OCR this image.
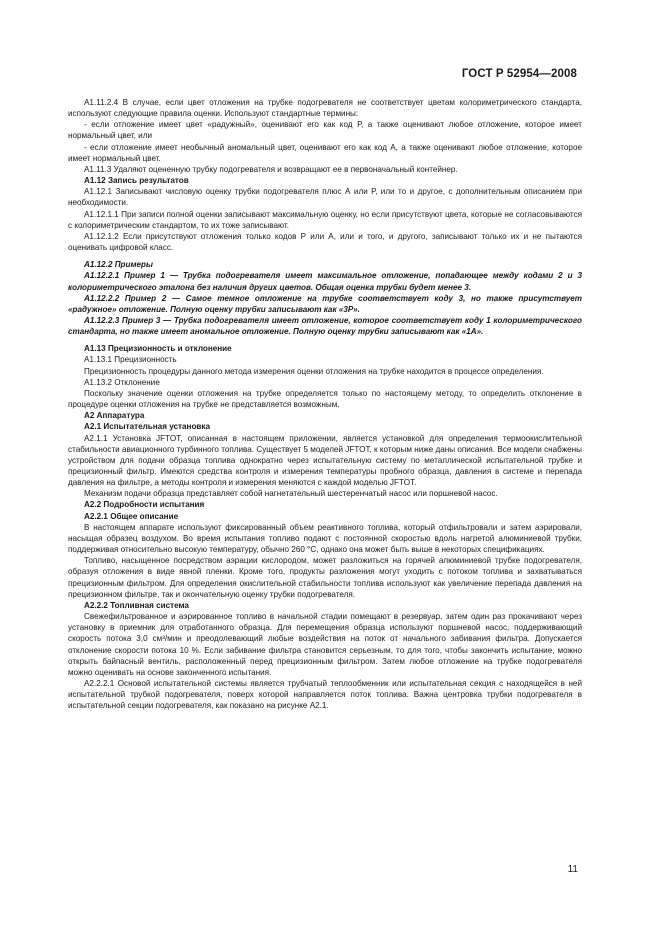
ГОСТ Р 52954—2008

A1.11.2.4 В случае, если цвет отложения на трубке подогревателя не соответствует цветам колориметрического стандарта, используют следующие правила оценки. Используют стандартные термины:

- если отложение имеет цвет «радужный», оценивают его как код Р, а также оценивают любое отложение, которое имеет нормальный цвет, или

- если отложение имеет необычный аномальный цвет, оценивают его как код А, а также оценивают любое отложение, которое имеет нормальный цвет.

A1.11.3 Удаляют оцененную трубку подогревателя и возвращают ее в первоначальный контейнер.

A1.12 Запись результатов

A1.12.1 Записывают числовую оценку трубки подогревателя плюс А или Р, или то и другое, с дополнительным описанием при необходимости.

A1.12.1.1 При записи полной оценки записывают максимальную оценку, но если присутствуют цвета, которые не согласовываются с колориметрическим стандартом, то их тоже записывают.

A1.12.1.2 Если присутствуют отложения только кодов Р или А, или и того, и другого, записывают только их и не пытаются оценивать цифровой класс.

A1.12.2 Примеры

A1.12.2.1 Пример 1 — Трубка подогревателя имеет максимальное отложение, попадающее между кодами 2 и 3 колориметрического эталона без наличия других цветов. Общая оценка трубки будет менее 3.

A1.12.2.2 Пример 2 — Самое темное отложение на трубке соответствует коду 3, но также присутствует «радужное» отложение. Полную оценку трубки записывают как «3Р».

A1.12.2.3 Пример 3 — Трубка подогревателя имеет отложение, которое соответствует коду 1 колориметрического стандарта, но также имеет аномальное отложение. Полную оценку трубки записывают как «1А».

A1.13 Прецизионность и отклонение

A1.13.1 Прецизионность

Прецизионность процедуры данного метода измерения оценки отложения на трубке находится в процессе определения.

A1.13.2 Отклонение

Поскольку значение оценки отложения на трубке определяется только по настоящему методу, то определить отклонение в процедуре оценки отложения на трубке не представляется возможным.

A2 Аппаратура

A2.1 Испытательная установка

A2.1.1 Установка JFTOT, описанная в настоящем приложении, является установкой для определения термоокислительной стабильности авиационного турбинного топлива. Существует 5 моделей JFTOT, к которым ниже даны описания. Все модели снабжены устройством для подачи образца топлива однократно через испытательную систему по металлической испытательной трубке и прецизионный фильтр. Имеются средства контроля и измерения температуры пробного образца, давления в системе и перепада давления на фильтре, а методы контроля и измерения меняются с каждой моделью JFTOT.

Механизм подачи образца представляет собой нагнетательный шестеренчатый насос или поршневой насос.

A2.2 Подробности испытания

A2.2.1 Общее описание

В настоящем аппарате используют фиксированный объем реактивного топлива, который отфильтровали и затем аэрировали, насыщая образец воздухом. Во время испытания топливо подают с постоянной скоростью вдоль нагретой алюминиевой трубки, поддерживая относительно высокую температуру, обычно 260 °С, однако она может быть выше в некоторых спецификациях.

Топливо, насыщенное посредством аэрации кислородом, может разложиться на горячей алюминиевой трубке подогревателя, образуя отложения в виде явной пленки. Кроме того, продукты разложения могут уходить с потоком топлива и захватываться прецизионным фильтром. Для определения окислительной стабильности топлива используют как увеличение перепада давления на прецизионном фильтре, так и окончательную оценку трубки подогревателя.

A2.2.2 Топливная система

Свежефильтрованное и аэрированное топливо в начальной стадии помещают в резервуар, затем один раз прокачивают через установку в приемник для отработанного образца. Для перемещения образца используют поршневой насос, поддерживающий скорость потока 3,0 см³/мин и преодолевающий любые воздействия на поток от начального забивания фильтра. Допускается отклонение скорости потока 10 %. Если забивание фильтра становится серьезным, то для того, чтобы закончить испытание, можно открыть байпасный вентиль, расположенный перед прецизионным фильтром. Затем любое отложение на трубке подогревателя можно оценивать на основе законченного испытания.

A2.2.2.1 Основой испытательной системы является трубчатый теплообменник или испытательная секция с находящейся в ней испытательной трубкой подогревателя, поверх которой направляется поток топлива. Важна центровка трубки подогревателя в испытательной секции подогревателя, как показано на рисунке A2.1.

11
